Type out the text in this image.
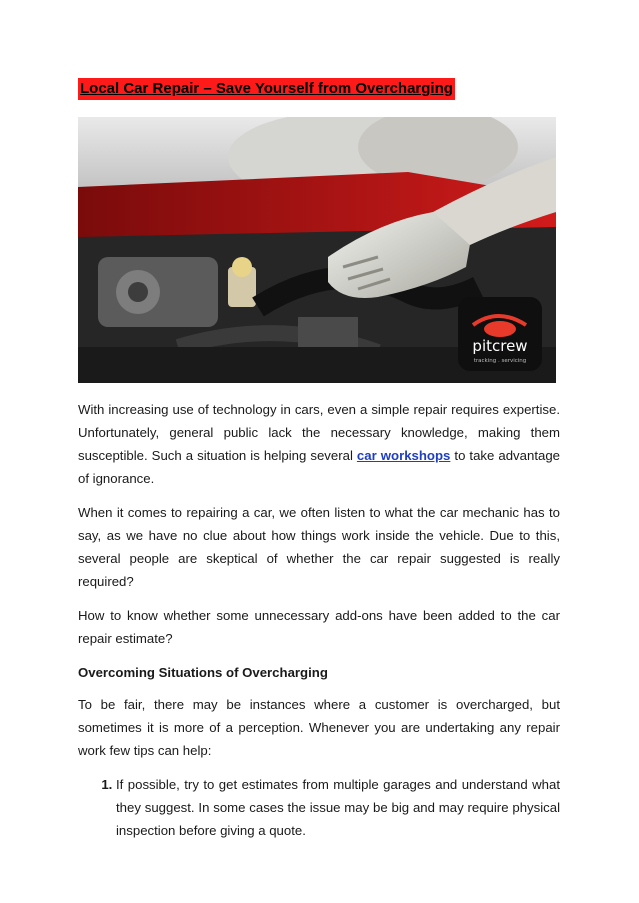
Local Car Repair – Save Yourself from Overcharging
pitcrew
tracking . servicing

With increasing use of technology in cars, even a simple repair requires expertise. Unfortunately, general public lack the necessary knowledge, making them susceptible. Such a situation is helping several car workshops to take advantage of ignorance.

When it comes to repairing a car, we often listen to what the car mechanic has to say, as we have no clue about how things work inside the vehicle. Due to this, several people are skeptical of whether the car repair suggested is really required?

How to know whether some unnecessary add-ons have been added to the car repair estimate?

Overcoming Situations of Overcharging

To be fair, there may be instances where a customer is overcharged, but sometimes it is more of a perception. Whenever you are undertaking any repair work few tips can help:

1. If possible, try to get estimates from multiple garages and understand what they suggest. In some cases the issue may be big and may require physical inspection before giving a quote.
